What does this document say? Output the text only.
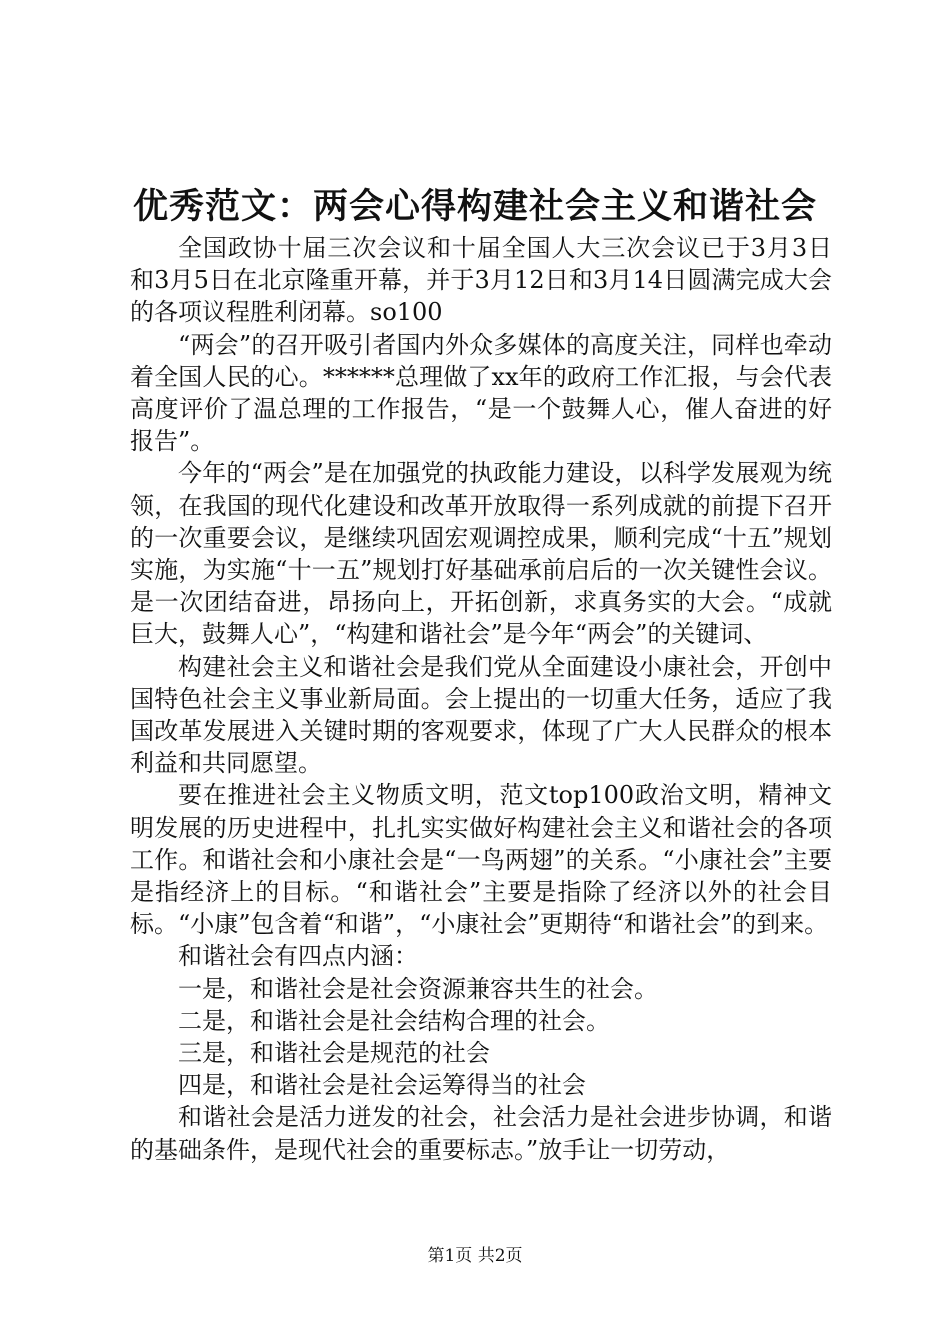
优秀范文：两会心得构建社会主义和谐社会

全国政协十届三次会议和十届全国人大三次会议已于3月3日和3月5日在北京隆重开幕，并于3月12日和3月14日圆满完成大会的各项议程胜利闭幕。so100

“两会”的召开吸引者国内外众多媒体的高度关注，同样也牵动着全国人民的心。******总理做了xx年的政府工作汇报，与会代表高度评价了温总理的工作报告，“是一个鼓舞人心，催人奋进的好报告”。

今年的“两会”是在加强党的执政能力建设，以科学发展观为统领，在我国的现代化建设和改革开放取得一系列成就的前提下召开的一次重要会议，是继续巩固宏观调控成果，顺利完成“十五”规划实施，为实施“十一五”规划打好基础承前启后的一次关键性会议。是一次团结奋进，昂扬向上，开拓创新，求真务实的大会。“成就巨大，鼓舞人心”，“构建和谐社会”是今年“两会”的关键词、

构建社会主义和谐社会是我们党从全面建设小康社会，开创中国特色社会主义事业新局面。会上提出的一切重大任务，适应了我国改革发展进入关键时期的客观要求，体现了广大人民群众的根本利益和共同愿望。

要在推进社会主义物质文明，范文top100政治文明，精神文明发展的历史进程中，扎扎实实做好构建社会主义和谐社会的各项工作。和谐社会和小康社会是“一鸟两翅”的关系。“小康社会”主要是指经济上的目标。“和谐社会”主要是指除了经济以外的社会目标。“小康”包含着“和谐”，“小康社会”更期待“和谐社会”的到来。

和谐社会有四点内涵：

一是，和谐社会是社会资源兼容共生的社会。

二是，和谐社会是社会结构合理的社会。

三是，和谐社会是规范的社会

四是，和谐社会是社会运筹得当的社会

和谐社会是活力迸发的社会，社会活力是社会进步协调，和谐的基础条件，是现代社会的重要标志。”放手让一切劳动，

第1页 共2页
